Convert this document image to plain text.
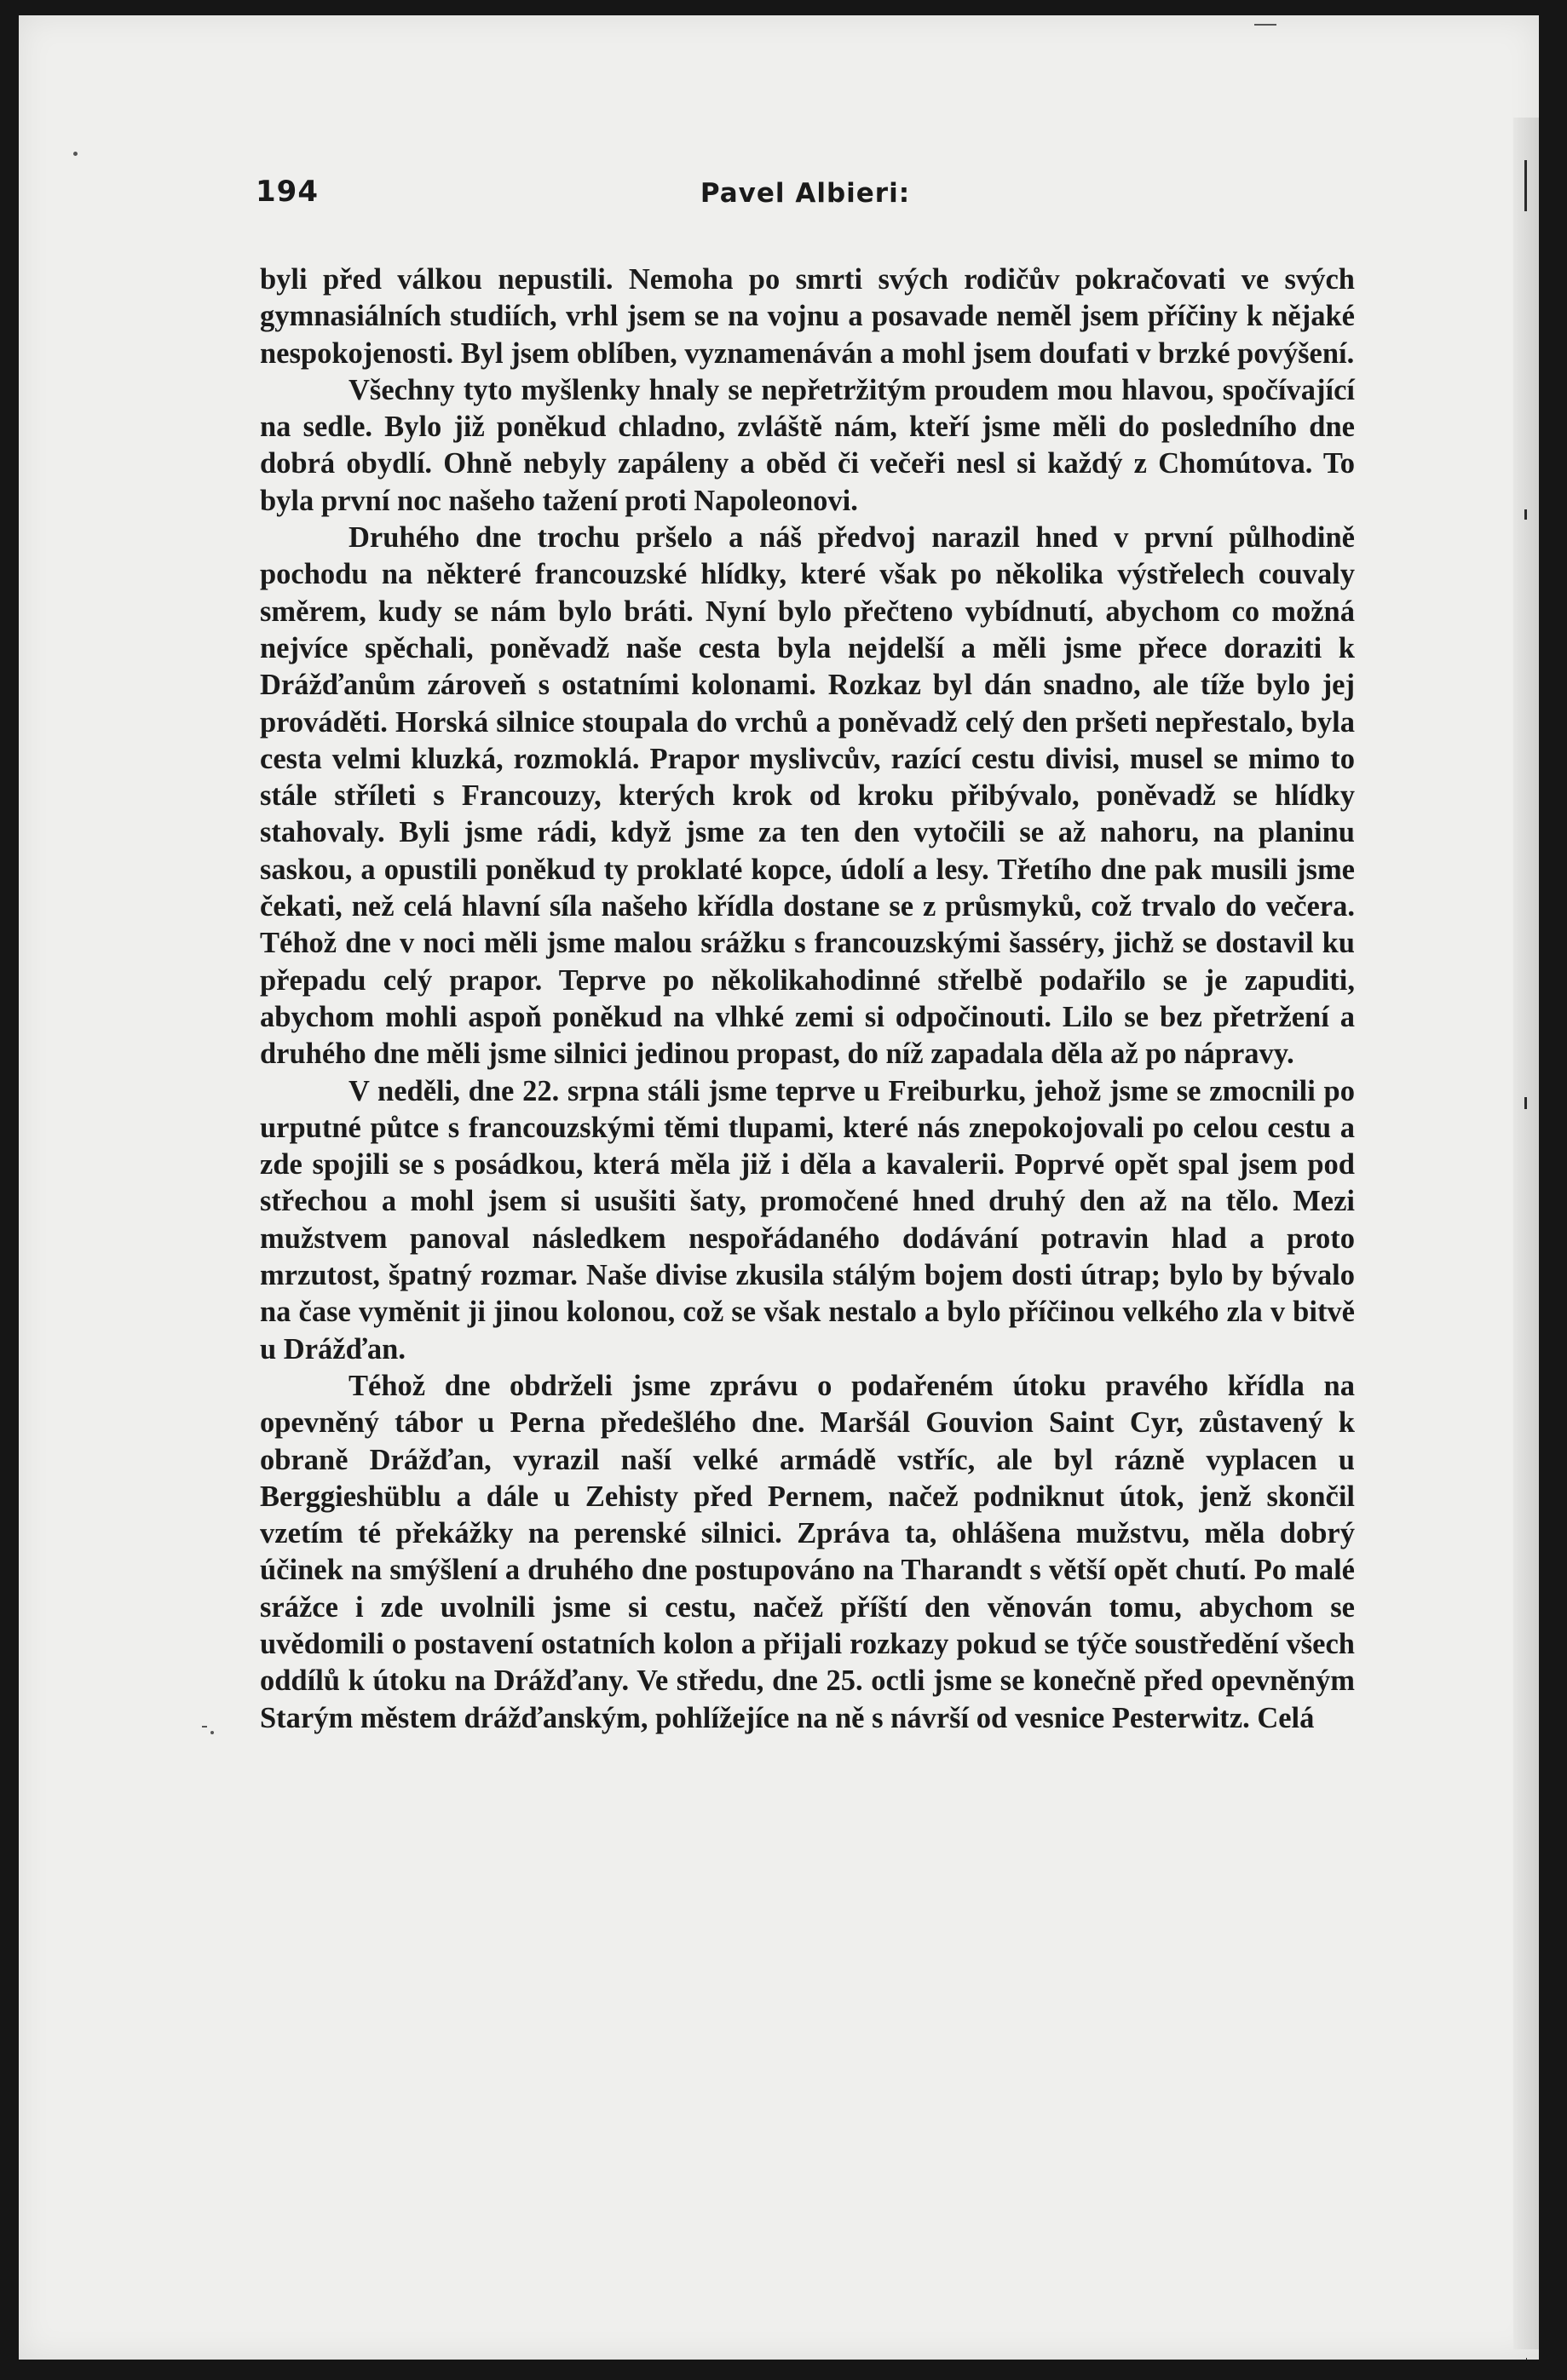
194	Pavel Albieri:

byli před válkou nepustili. Nemoha po smrti svých rodičův pokračovati ve svých gymnasiálních studiích, vrhl jsem se na vojnu a posavade neměl jsem příčiny k nějaké nespokojenosti. Byl jsem oblíben, vyznamenáván a mohl jsem doufati v brzké povýšení.

Všechny tyto myšlenky hnaly se nepřetržitým proudem mou hlavou, spočívající na sedle. Bylo již poněkud chladno, zvláště nám, kteří jsme měli do posledního dne dobrá obydlí. Ohně nebyly zapáleny a oběd či večeři nesl si každý z Chomútova. To byla první noc našeho tažení proti Napoleonovi.

Druhého dne trochu pršelo a náš předvoj narazil hned v první půlhodině pochodu na některé francouzské hlídky, které však po několika výstřelech couvaly směrem, kudy se nám bylo bráti. Nyní bylo přečteno vybídnutí, abychom co možná nejvíce spěchali, poněvadž naše cesta byla nejdelší a měli jsme přece doraziti k Drážďanům zároveň s ostatními kolonami. Rozkaz byl dán snadno, ale tíže bylo jej prováděti. Horská silnice stoupala do vrchů a poněvadž celý den pršeti nepřestalo, byla cesta velmi kluzká, rozmoklá. Prapor myslivcův, razící cestu divisi, musel se mimo to stále stříleti s Francouzy, kterých krok od kroku přibývalo, poněvadž se hlídky stahovaly. Byli jsme rádi, když jsme za ten den vytočili se až nahoru, na planinu saskou, a opustili poněkud ty proklaté kopce, údolí a lesy. Třetího dne pak musili jsme čekati, než celá hlavní síla našeho křídla dostane se z průsmyků, což trvalo do večera. Téhož dne v noci měli jsme malou srážku s francouzskými šasséry, jichž se dostavil ku přepadu celý prapor. Teprve po několikahodinné střelbě podařilo se je zapuditi, abychom mohli aspoň poněkud na vlhké zemi si odpočinouti. Lilo se bez přetržení a druhého dne měli jsme silnici jedinou propast, do níž zapadala děla až po nápravy.

V neděli, dne 22. srpna stáli jsme teprve u Freiburku, jehož jsme se zmocnili po urputné půtce s francouzskými těmi tlupami, které nás znepokojovali po celou cestu a zde spojili se s posádkou, která měla již i děla a kavalerii. Poprvé opět spal jsem pod střechou a mohl jsem si usušiti šaty, promočené hned druhý den až na tělo. Mezi mužstvem panoval následkem nespořádaného dodávání potravin hlad a proto mrzutost, špatný rozmar. Naše divise zkusila stálým bojem dosti útrap; bylo by bývalo na čase vyměnit ji jinou kolonou, což se však nestalo a bylo příčinou velkého zla v bitvě u Drážďan.

Téhož dne obdrželi jsme zprávu o podařeném útoku pravého křídla na opevněný tábor u Perna předešlého dne. Maršál Gouvion Saint Cyr, zůstavený k obraně Drážďan, vyrazil naší velké armádě vstříc, ale byl rázně vyplacen u Berggieshüblu a dále u Zehisty před Pernem, načež podniknut útok, jenž skončil vzetím té překážky na perenské silnici. Zpráva ta, ohlášena mužstvu, měla dobrý účinek na smýšlení a druhého dne postupováno na Tharandt s větší opět chutí. Po malé srážce i zde uvolnili jsme si cestu, načež příští den věnován tomu, abychom se uvědomili o postavení ostatních kolon a přijali rozkazy pokud se týče soustředění všech oddílů k útoku na Drážďany. Ve středu, dne 25. octli jsme se konečně před opevněným Starým městem drážďanským, pohlížejíce na ně s návrší od vesnice Pesterwitz. Celá
